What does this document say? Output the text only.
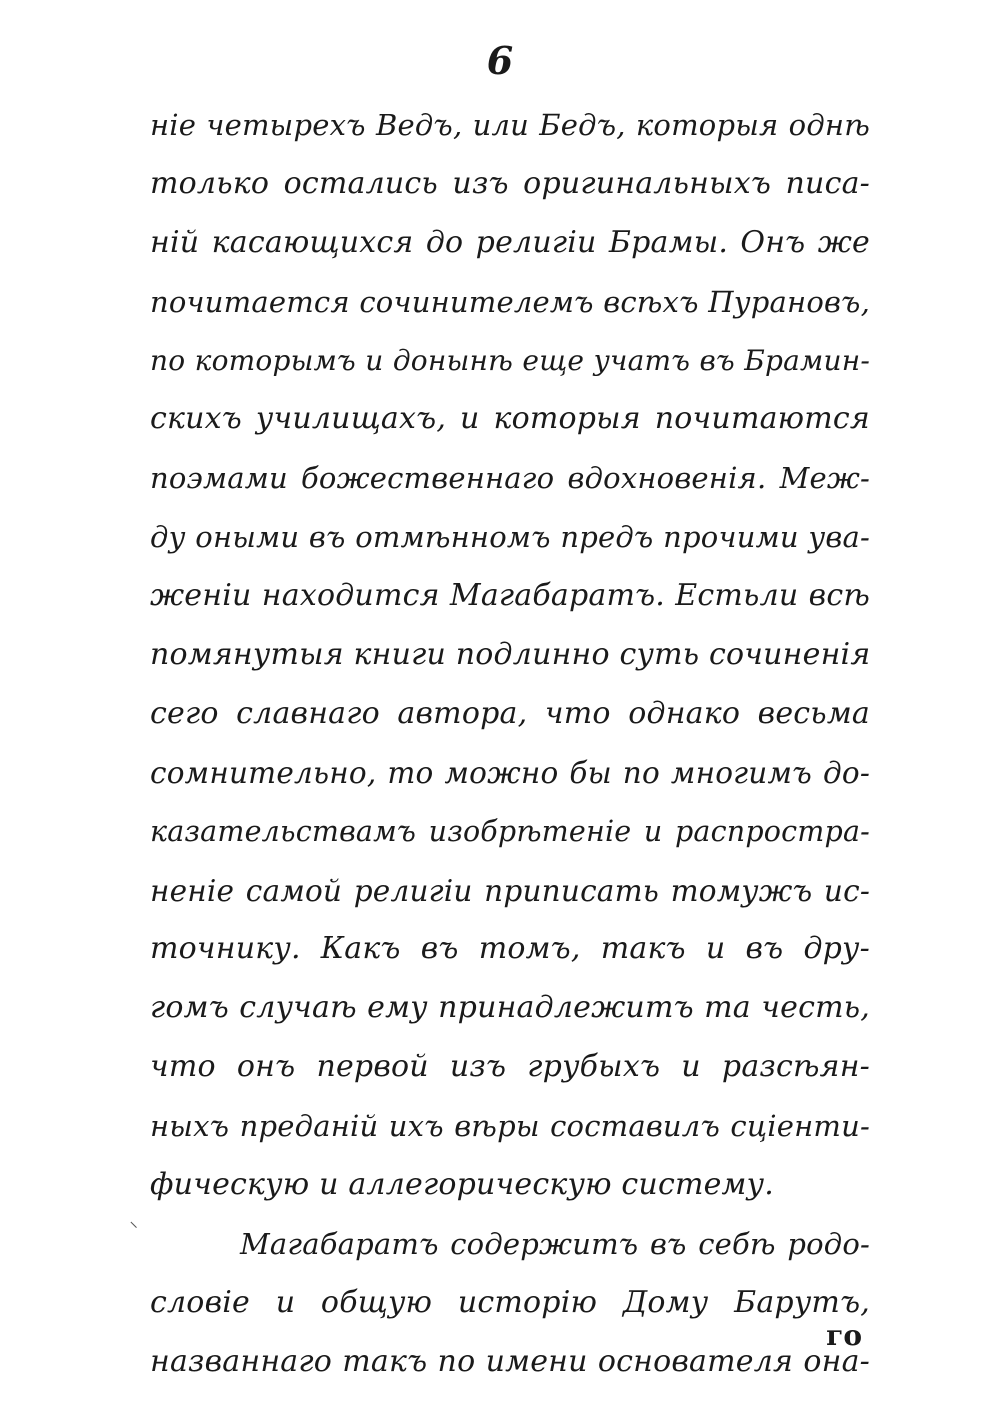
6
ніе четырехъ Ведъ, или Бедъ, которыя однѣ
только остались изъ оригинальныхъ писа-
ній касающихся до религіи Брамы. Онъ же
почитается сочинителемъ всѣхъ Пурановъ,
по которымъ и донынѣ еще учатъ въ Брамин-
скихъ училищахъ, и которыя почитаются
поэмами божественнаго вдохновенія. Меж-
ду оными въ отмѣнномъ предъ прочими ува-
женіи находится Магабаратъ. Естьли всѣ
помянутыя книги подлинно суть сочиненія
сего славнаго автора, что однако весьма
сомнительно, то можно бы по многимъ до-
казательствамъ изобрѣтеніе и распростра-
неніе самой религіи приписать томужъ ис-
точнику. Какъ въ томъ, такъ и въ дру-
гомъ случаѣ ему принадлежитъ та честь,
что онъ первой изъ грубыхъ и разсѣян-
ныхъ преданій ихъ вѣры составилъ сціенти-
фическую и аллегорическую систему.
Магабаратъ содержитъ въ себѣ родо-
словіе и общую исторію Дому Барутъ,
названнаго такъ по имени основателя она-
го
